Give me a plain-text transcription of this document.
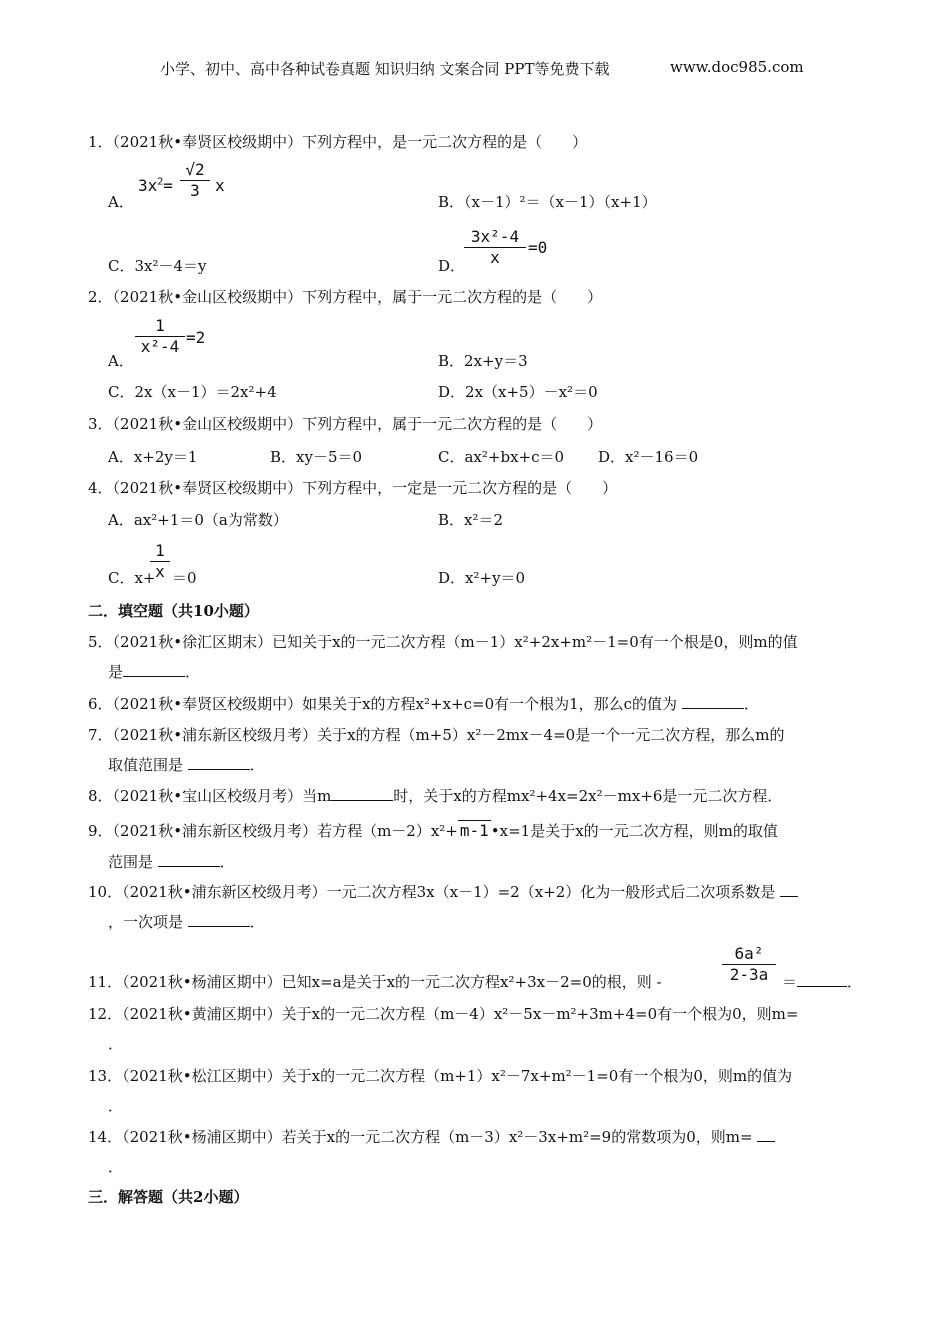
小学、初中、高中各种试卷真题 知识归纳 文案合同 PPT等免费下载	www.doc985.com
1．（2021秋•奉贤区校级期中）下列方程中，是一元二次方程的是（　　）
A．
$3x^2=$
√2
3 x
B．（x－1）²＝（x－1）（x+1）
C．3x²－4＝y	D．
3x²-4
x
=0
2．（2021秋•金山区校级期中）下列方程中，属于一元二次方程的是（　　）
A．
1
x²-4 =2
B．2x+y＝3
C．2x（x－1）＝2x²+4	D．2x（x+5）－x²＝0
3．（2021秋•金山区校级期中）下列方程中，属于一元二次方程的是（　　）
A．x+2y＝1	B．xy－5＝0	C．ax²+bx+c＝0 D．x²－16＝0
4．（2021秋•奉贤区校级期中）下列方程中，一定是一元二次方程的是（　　）
A．ax²+1＝0（a为常数）	B．x²＝2
C．x+
1
x ＝0	D．x²+y＝0
二．填空题（共10小题）
5．（2021秋•徐汇区期末）已知关于x的一元二次方程（m－1）x²+2x+m²－1=0有一个根是0，则m的值
是	．
6．（2021秋•奉贤区校级期中）如果关于x的方程x²+x+c=0有一个根为1，那么c的值为	．
7．（2021秋•浦东新区校级月考）关于x的方程（m+5）x²－2mx－4=0是一个一元二次方程，那么m的
取值范围是	．
8．（2021秋•宝山区校级月考）当m	时，关于x的方程mx²+4x=2x²－mx+6是一元二次方程．
9．（2021秋•浦东新区校级月考）若方程（m－2）x²+ m-1 •x=1是关于x的一元二次方程，则m的取值
范围是	．
10．（2021秋•浦东新区校级月考）一元二次方程3x（x－1）=2（x+2）化为一般形式后二次项系数是
，一次项是	．
11．（2021秋•杨浦区期中）已知x=a是关于x的一元二次方程x²+3x－2=0的根，则 -
6a²
2-3a ＝	．
12．（2021秋•黄浦区期中）关于x的一元二次方程（m－4）x²－5x－m²+3m+4=0有一个根为0，则m=
．
13．（2021秋•松江区期中）关于x的一元二次方程（m+1）x²－7x+m²－1=0有一个根为0，则m的值为
．
14．（2021秋•杨浦区期中）若关于x的一元二次方程（m－3）x²－3x+m²=9的常数项为0，则m=
．
三．解答题（共2小题）
